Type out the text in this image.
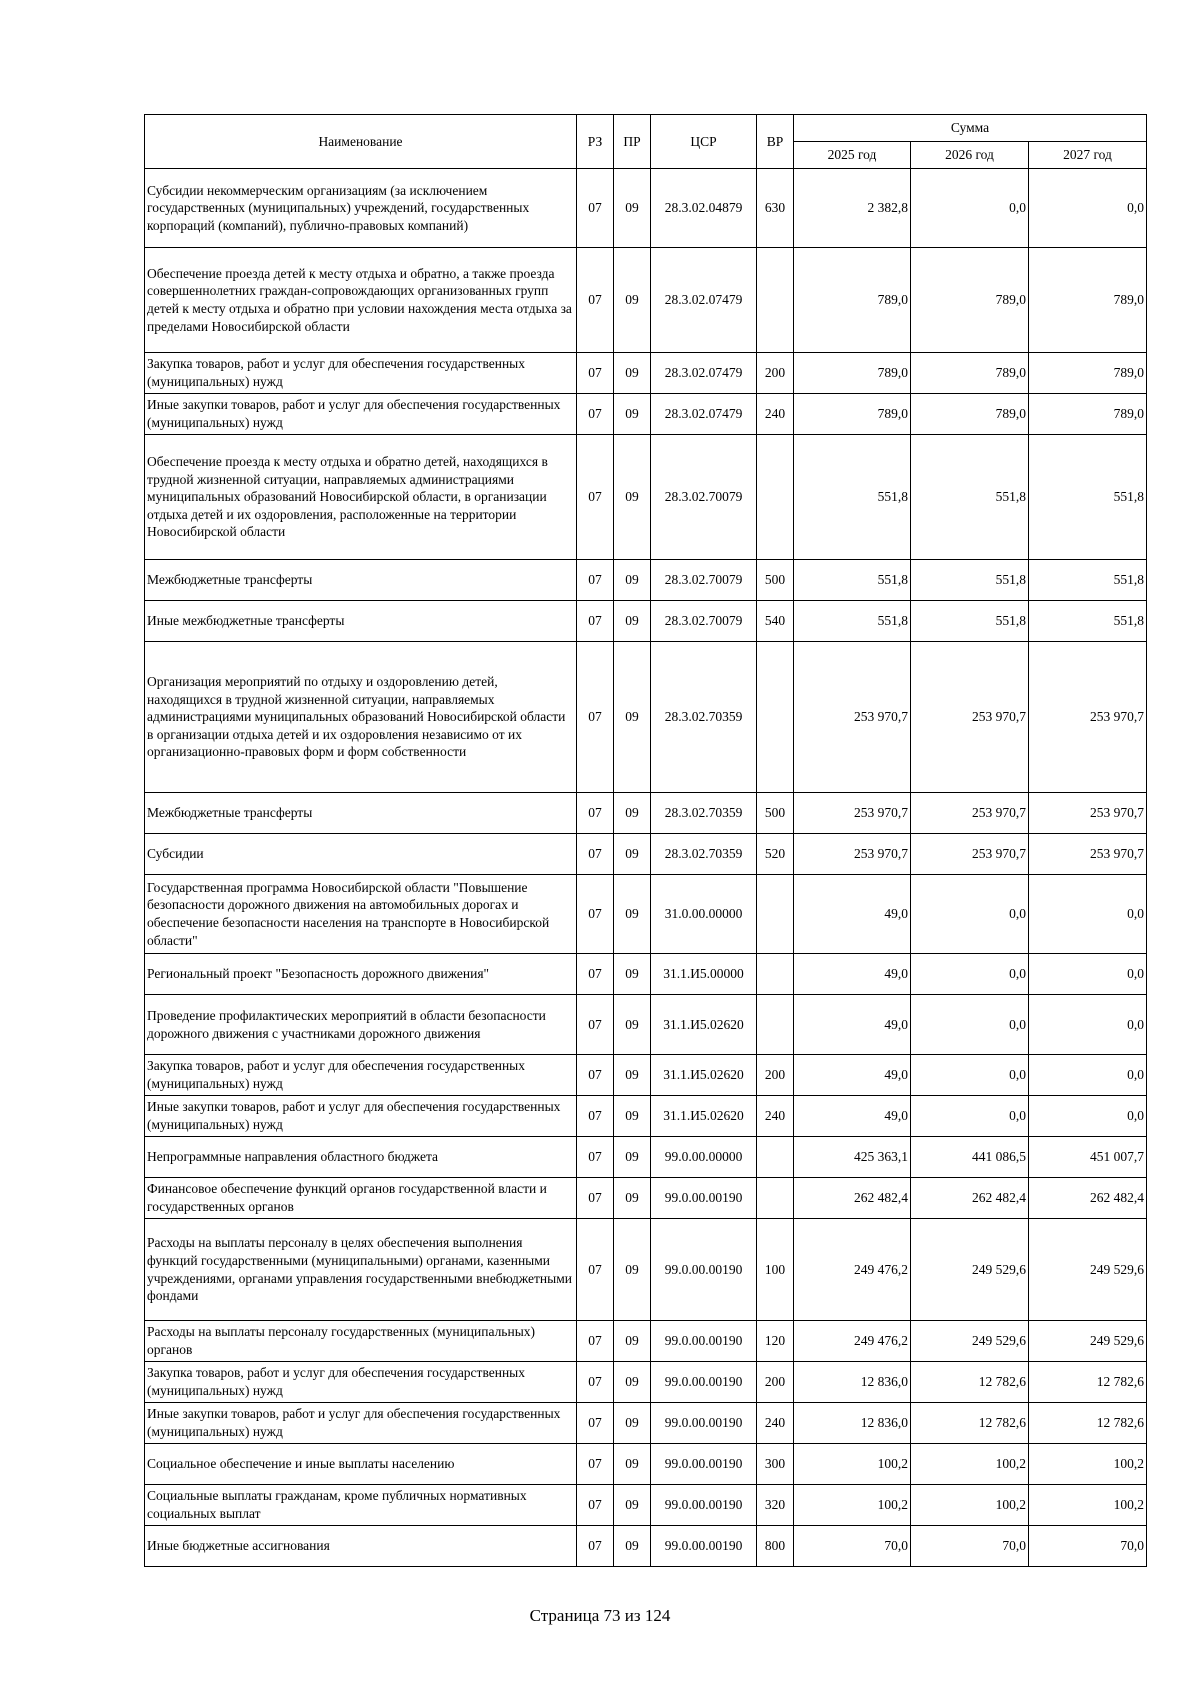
Наименование	РЗ	ПР	ЦСР	ВР	Сумма		
					2025 год	2026 год	2027 год
Субсидии некоммерческим организациям (за исключением государственных (муниципальных) учреждений, государственных корпораций (компаний), публично-правовых компаний)	07	09	28.3.02.04879	630	2 382,8	0,0	0,0
Обеспечение проезда детей к месту отдыха и обратно, а также проезда совершеннолетних граждан-сопровождающих организованных групп детей к месту отдыха и обратно при условии нахождения места отдыха за пределами Новосибирской области	07	09	28.3.02.07479		789,0	789,0	789,0
Закупка товаров, работ и услуг для обеспечения государственных (муниципальных) нужд	07	09	28.3.02.07479	200	789,0	789,0	789,0
Иные закупки товаров, работ и услуг для обеспечения государственных (муниципальных) нужд	07	09	28.3.02.07479	240	789,0	789,0	789,0
Обеспечение проезда к месту отдыха и обратно детей, находящихся в трудной жизненной ситуации, направляемых администрациями муниципальных образований Новосибирской области, в организации отдыха детей и их оздоровления, расположенные на территории Новосибирской области	07	09	28.3.02.70079		551,8	551,8	551,8
Межбюджетные трансферты	07	09	28.3.02.70079	500	551,8	551,8	551,8
Иные межбюджетные трансферты	07	09	28.3.02.70079	540	551,8	551,8	551,8
Организация мероприятий по отдыху и оздоровлению детей, находящихся в трудной жизненной ситуации, направляемых администрациями муниципальных образований Новосибирской области в организации отдыха детей и их оздоровления независимо от их организационно-правовых форм и форм собственности	07	09	28.3.02.70359		253 970,7	253 970,7	253 970,7
Межбюджетные трансферты	07	09	28.3.02.70359	500	253 970,7	253 970,7	253 970,7
Субсидии	07	09	28.3.02.70359	520	253 970,7	253 970,7	253 970,7
Государственная программа Новосибирской области "Повышение безопасности дорожного движения на автомобильных дорогах и обеспечение безопасности населения на транспорте в Новосибирской области"	07	09	31.0.00.00000		49,0	0,0	0,0
Региональный проект "Безопасность дорожного движения"	07	09	31.1.И5.00000		49,0	0,0	0,0
Проведение профилактических мероприятий в области безопасности дорожного движения с участниками дорожного движения	07	09	31.1.И5.02620		49,0	0,0	0,0
Закупка товаров, работ и услуг для обеспечения государственных (муниципальных) нужд	07	09	31.1.И5.02620	200	49,0	0,0	0,0
Иные закупки товаров, работ и услуг для обеспечения государственных (муниципальных) нужд	07	09	31.1.И5.02620	240	49,0	0,0	0,0
Непрограммные направления областного бюджета	07	09	99.0.00.00000		425 363,1	441 086,5	451 007,7
Финансовое обеспечение функций органов государственной власти и государственных органов	07	09	99.0.00.00190		262 482,4	262 482,4	262 482,4
Расходы на выплаты персоналу в целях обеспечения выполнения функций государственными (муниципальными) органами, казенными учреждениями, органами управления государственными внебюджетными фондами	07	09	99.0.00.00190	100	249 476,2	249 529,6	249 529,6
Расходы на выплаты персоналу государственных (муниципальных) органов	07	09	99.0.00.00190	120	249 476,2	249 529,6	249 529,6
Закупка товаров, работ и услуг для обеспечения государственных (муниципальных) нужд	07	09	99.0.00.00190	200	12 836,0	12 782,6	12 782,6
Иные закупки товаров, работ и услуг для обеспечения государственных (муниципальных) нужд	07	09	99.0.00.00190	240	12 836,0	12 782,6	12 782,6
Социальное обеспечение и иные выплаты населению	07	09	99.0.00.00190	300	100,2	100,2	100,2
Социальные выплаты гражданам, кроме публичных нормативных социальных выплат	07	09	99.0.00.00190	320	100,2	100,2	100,2
Иные бюджетные ассигнования	07	09	99.0.00.00190	800	70,0	70,0	70,0
Страница 73 из 124
